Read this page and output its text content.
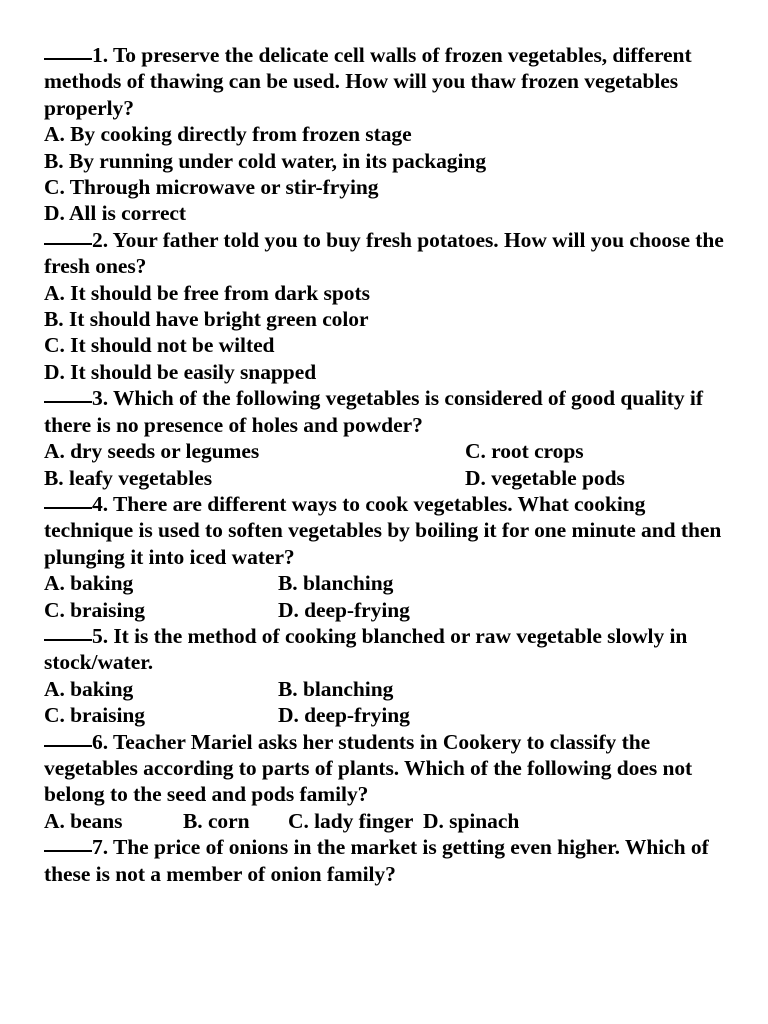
1. To preserve the delicate cell walls of frozen vegetables, different methods of thawing can be used. How will you thaw frozen vegetables properly?

A. By cooking directly from frozen stage

B. By running under cold water, in its packaging

C. Through microwave or stir-frying

D. All is correct

2. Your father told you to buy fresh potatoes. How will you choose the fresh ones?

A. It should be free from dark spots

B. It should have bright green color

C. It should not be wilted

D. It should be easily snapped

3. Which of the following vegetables is considered of good quality if there is no presence of holes and powder?

A. dry seeds or legumes	C. root crops

B. leafy vegetables	D. vegetable pods

4. There are different ways to cook vegetables. What cooking technique is used to soften vegetables by boiling it for one minute and then plunging it into iced water?

A. baking	B. blanching

C. braising	D. deep-frying

5. It is the method of cooking blanched or raw vegetable slowly in stock/water.

A. baking	B. blanching

C. braising	D. deep-frying

6. Teacher Mariel asks her students in Cookery to classify the vegetables according to parts of plants. Which of the following does not belong to the seed and pods family?

A. beans	B. corn C. lady finger D. spinach

7. The price of onions in the market is getting even higher. Which of these is not a member of onion family?
